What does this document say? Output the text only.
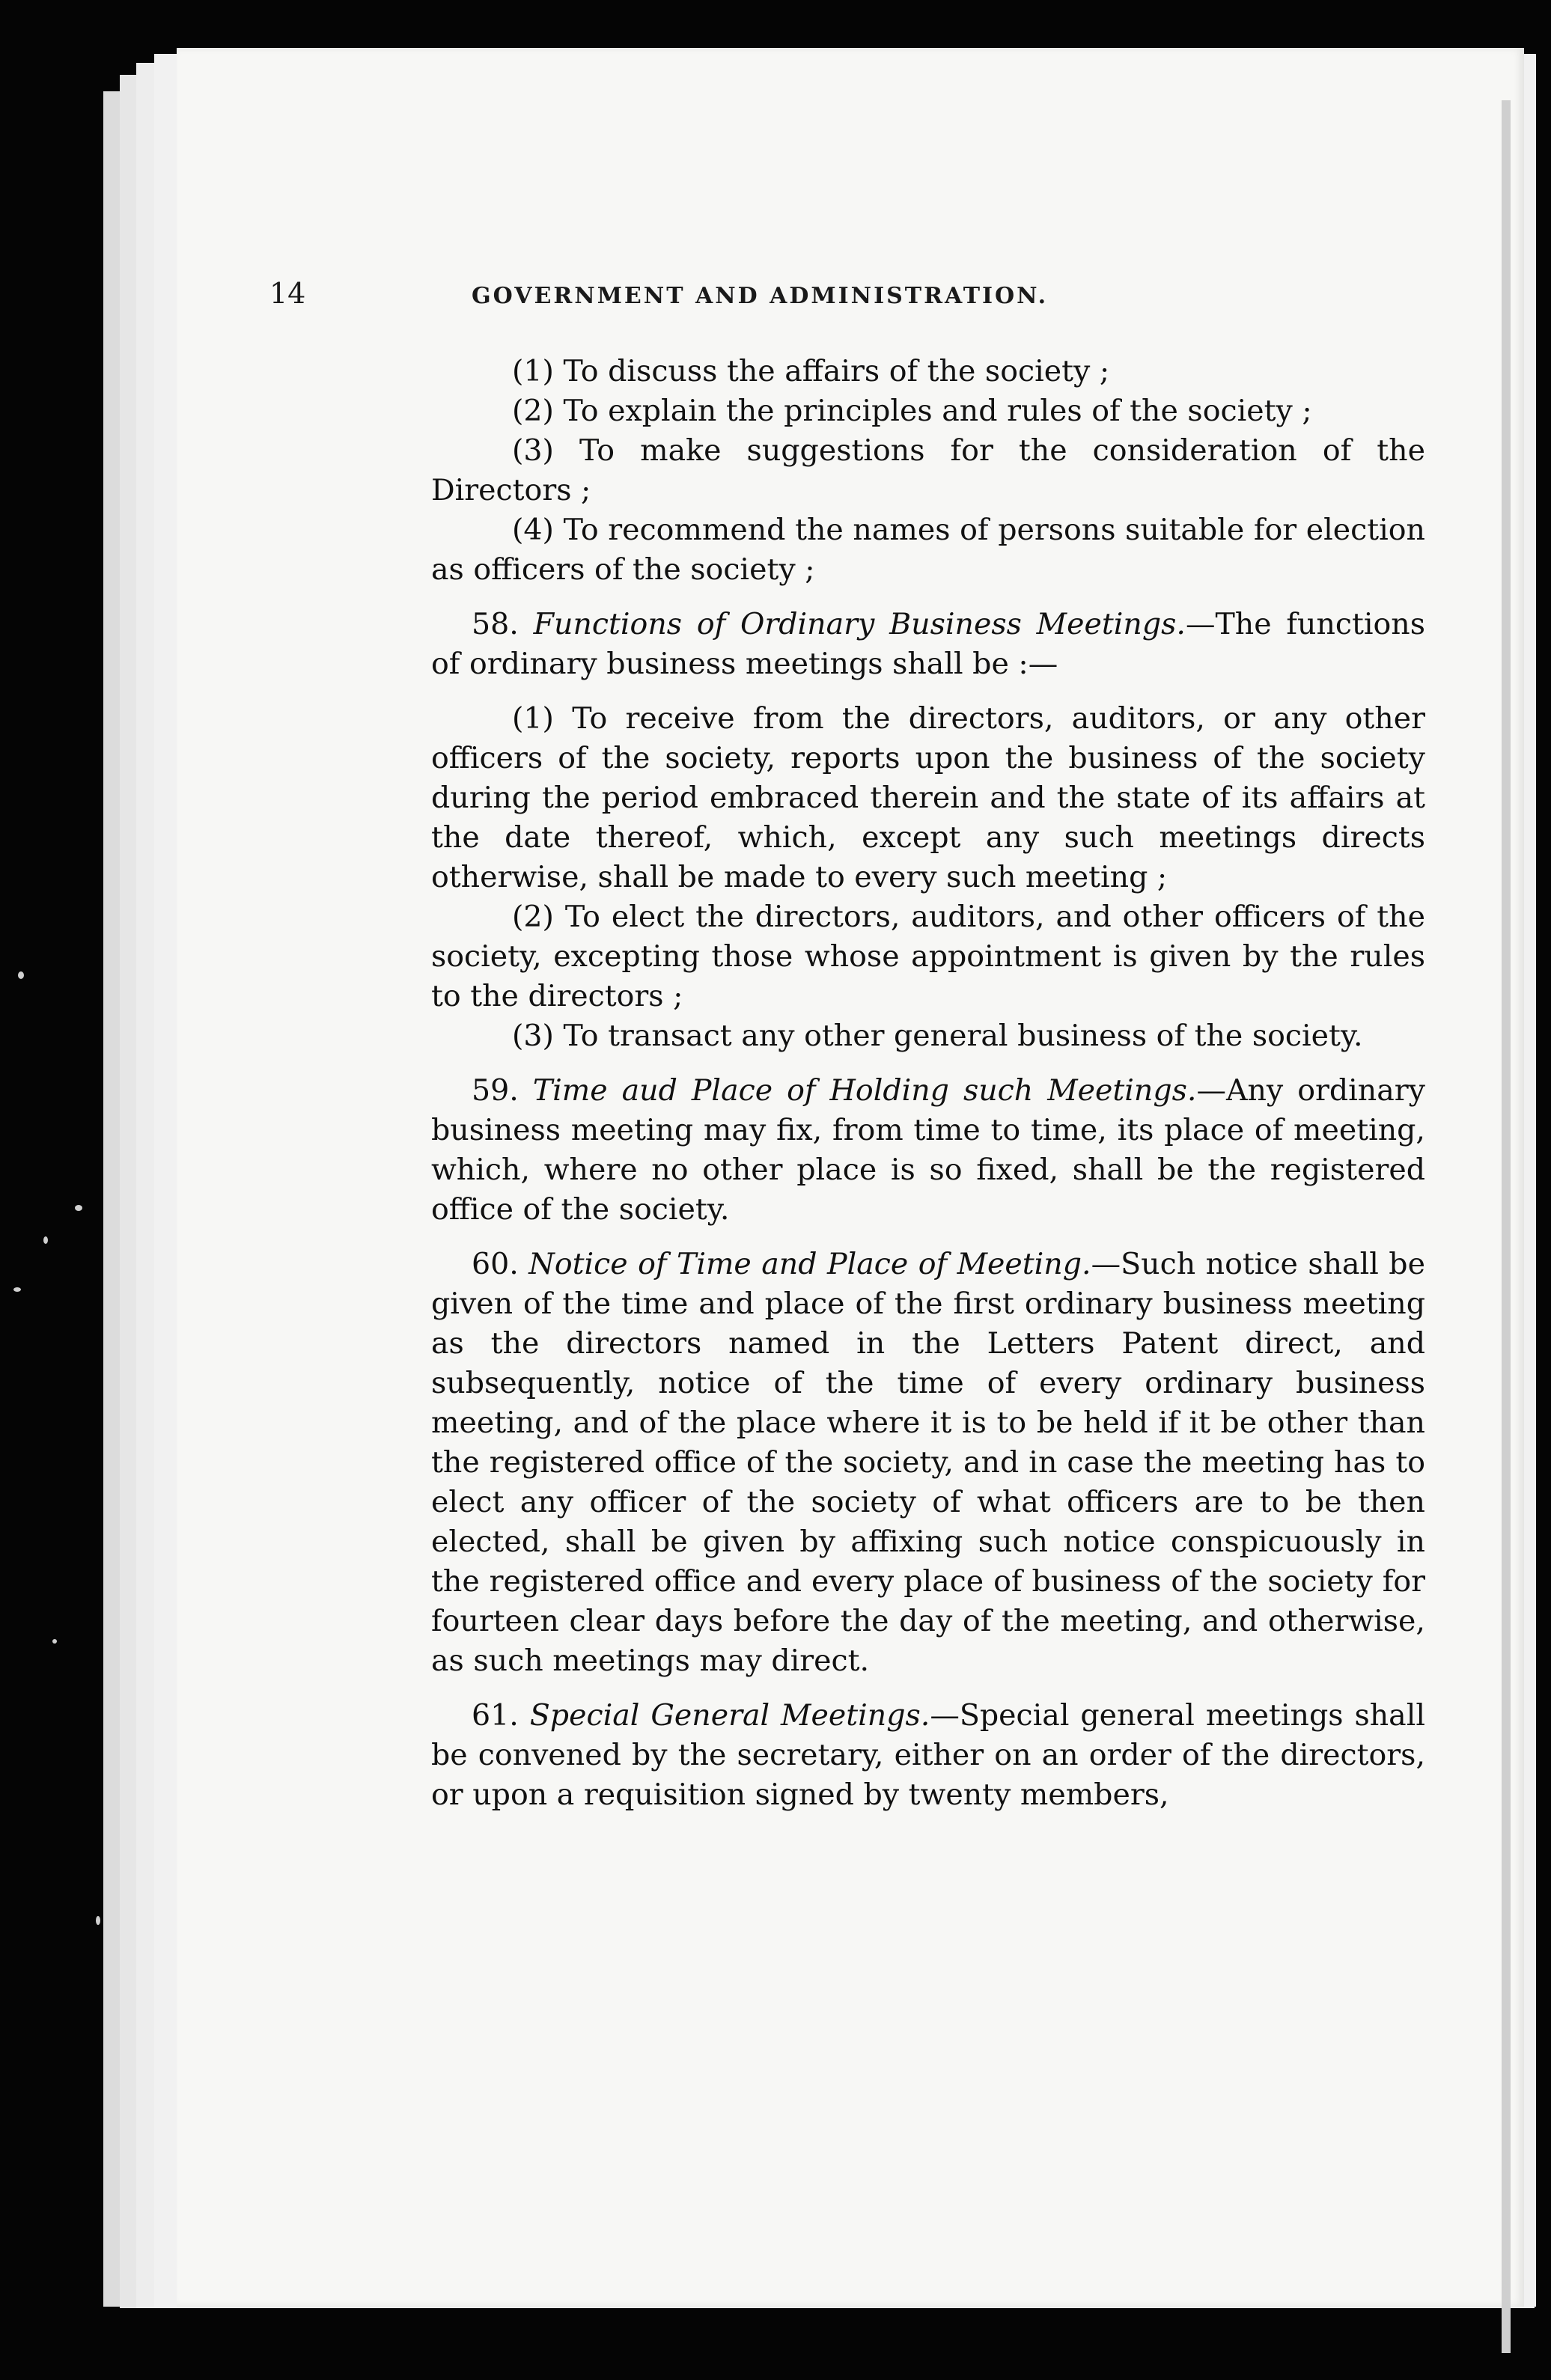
14	GOVERNMENT AND ADMINISTRATION.

(1) To discuss the affairs of the society ;

(2) To explain the principles and rules of the society ;

(3) To make suggestions for the consideration of the Directors ;

(4) To recommend the names of persons suitable for election as officers of the society ;

58. Functions of Ordinary Business Meetings.—The functions of ordinary business meetings shall be :—

(1) To receive from the directors, auditors, or any other officers of the society, reports upon the business of the society during the period embraced therein and the state of its affairs at the date thereof, which, except any such meetings directs otherwise, shall be made to every such meeting ;

(2) To elect the directors, auditors, and other officers of the society, excepting those whose appointment is given by the rules to the directors ;

(3) To transact any other general business of the society.

59. Time aud Place of Holding such Meetings.—Any ordinary business meeting may fix, from time to time, its place of meeting, which, where no other place is so fixed, shall be the registered office of the society.

60. Notice of Time and Place of Meeting.—Such notice shall be given of the time and place of the first ordinary business meeting as the directors named in the Letters Patent direct, and subsequently, notice of the time of every ordinary business meeting, and of the place where it is to be held if it be other than the registered office of the society, and in case the meeting has to elect any officer of the society of what officers are to be then elected, shall be given by affixing such notice conspicuously in the registered office and every place of business of the society for fourteen clear days before the day of the meeting, and otherwise, as such meetings may direct.

61. Special General Meetings.—Special general meetings shall be convened by the secretary, either on an order of the directors, or upon a requisition signed by twenty members,
